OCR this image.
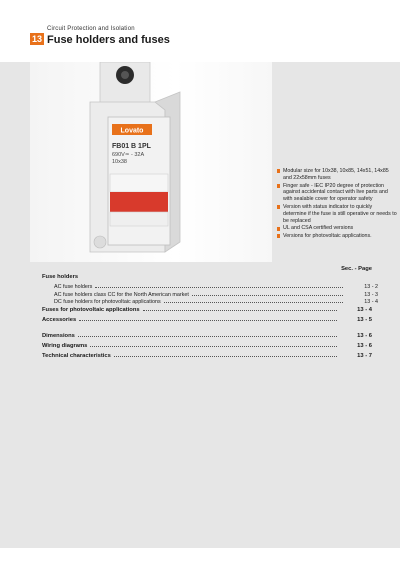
13
Circuit Protection and Isolation
Fuse holders and fuses
Lovato
FB01 B 1PL
690V≃ - 32A
10x38
Modular size for 10x38, 10x85, 14x51, 14x85 and 22x58mm fuses
Finger safe - IEC IP20 degree of protection against accidental contact with live parts and with sealable cover for operator safety
Version with status indicator to quickly determine if the fuse is still operative or needs to be replaced
UL and CSA certified versions
Versions for photovoltaic applications.
Sec. - Page
Fuse holders
AC fuse holders	13 - 2
AC fuse holders class CC for the North American market	13 - 3
DC fuse holders for photovoltaic applications	13 - 4
Fuses for photovoltaic applications	13 - 4
Accessories	13 - 5
Dimensions	13 - 6
Wiring diagrams	13 - 6
Technical characteristics	13 - 7
